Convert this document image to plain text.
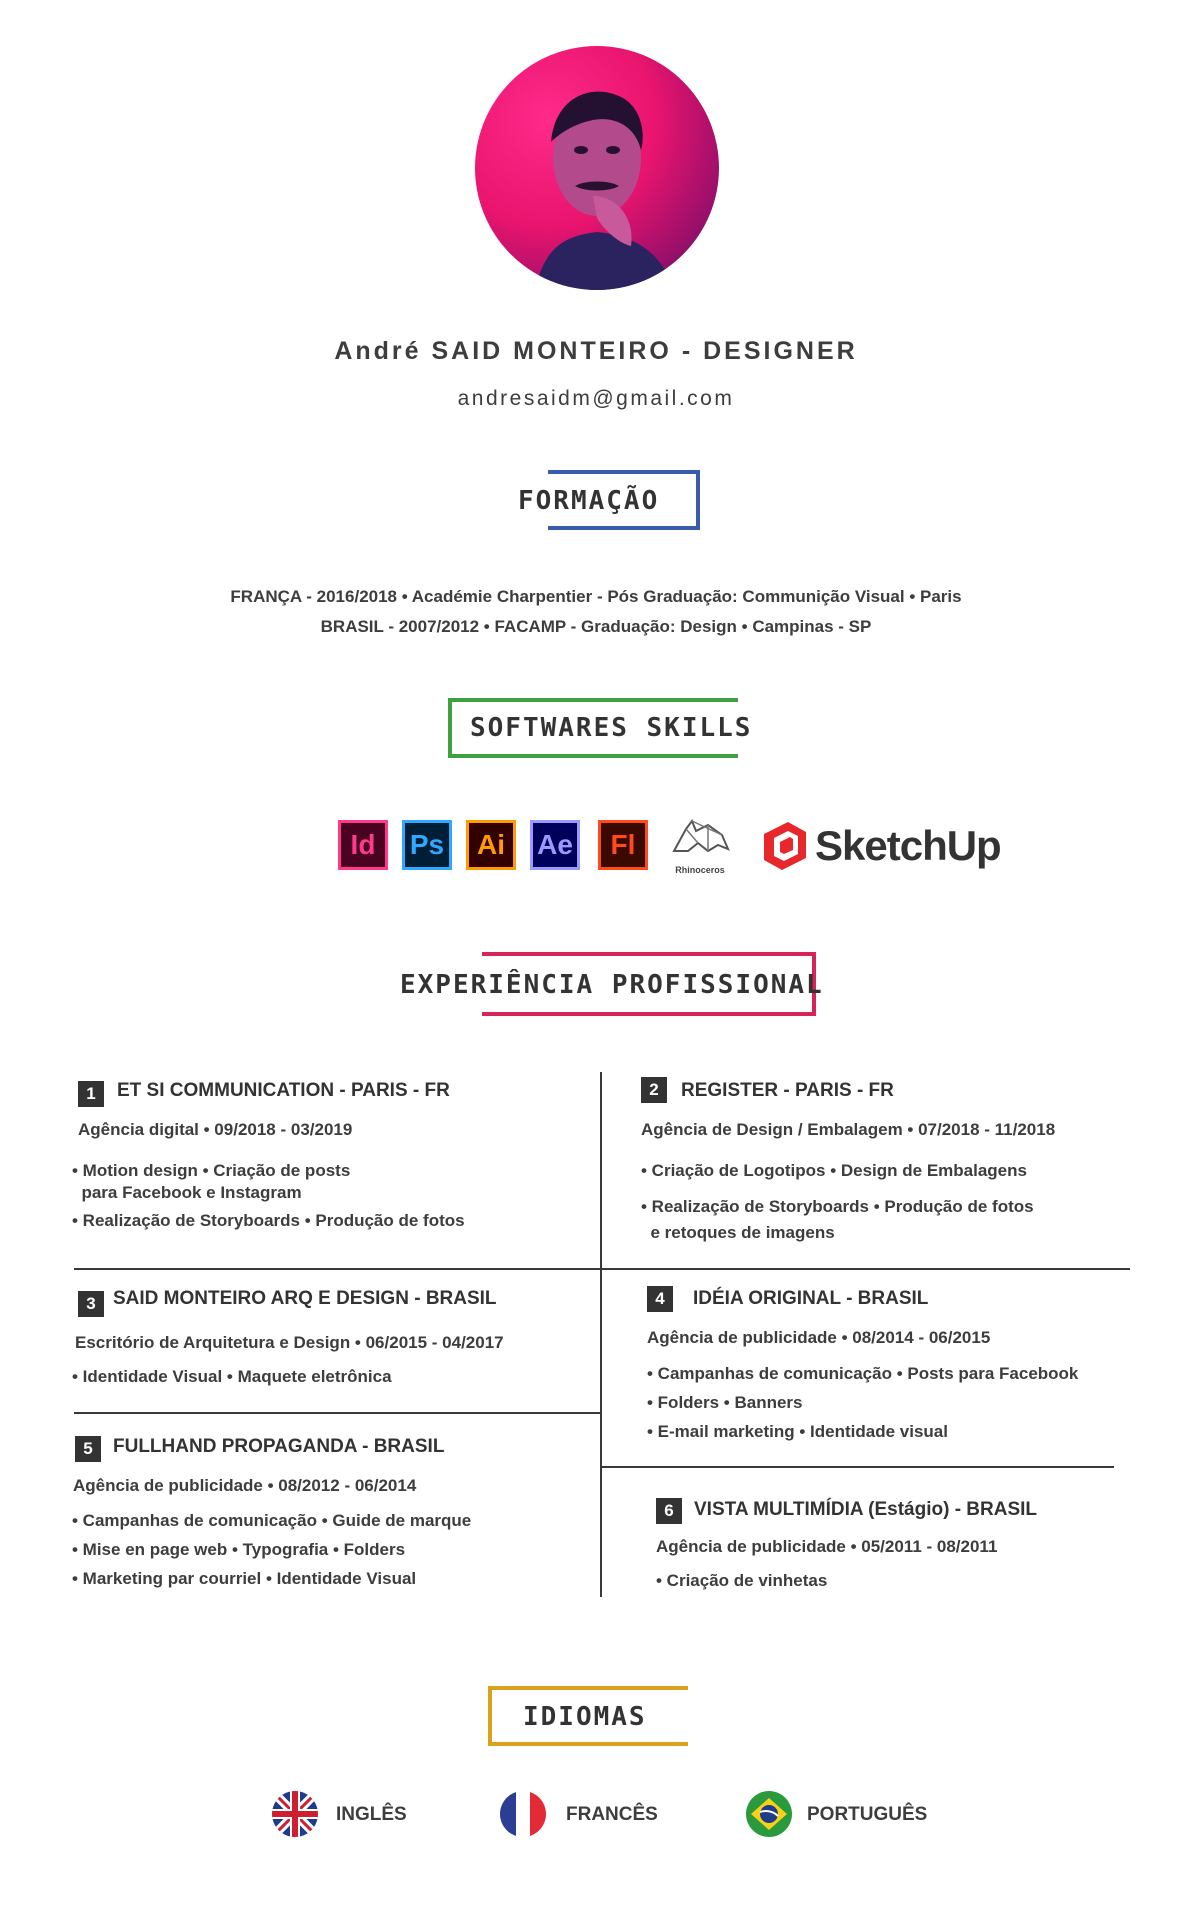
André SAID MONTEIRO - DESIGNER
andresaidm@gmail.com
FORMAÇÃO
FRANÇA - 2016/2018 • Académie Charpentier - Pós Graduação: Communição Visual • Paris
BRASIL - 2007/2012 • FACAMP - Graduação: Design • Campinas - SP
SOFTWARES SKILLS
Id Ps Ai Ae Fl
Rhinoceros
SketchUp
EXPERIÊNCIA PROFISSIONAL
1	ET SI COMMUNICATION - PARIS - FR
Agência digital • 09/2018 - 03/2019
• Motion design • Criação de posts
para Facebook e Instagram
• Realização de Storyboards • Produção de fotos
2	REGISTER - PARIS - FR
Agência de Design / Embalagem • 07/2018 - 11/2018
• Criação de Logotipos • Design de Embalagens
• Realização de Storyboards • Produção de fotos
e retoques de imagens
3 SAID MONTEIRO ARQ E DESIGN - BRASIL
Escritório de Arquitetura e Design • 06/2015 - 04/2017
• Identidade Visual • Maquete eletrônica
4	IDÉIA ORIGINAL - BRASIL
Agência de publicidade • 08/2014 - 06/2015
• Campanhas de comunicação • Posts para Facebook
• Folders • Banners
• E-mail marketing • Identidade visual
5	FULLHAND PROPAGANDA - BRASIL
Agência de publicidade • 08/2012 - 06/2014
• Campanhas de comunicação • Guide de marque
• Mise en page web • Typografia • Folders
• Marketing par courriel • Identidade Visual
6	VISTA MULTIMÍDIA (Estágio) - BRASIL
Agência de publicidade • 05/2011 - 08/2011
• Criação de vinhetas
IDIOMAS
INGLÊS	FRANCÊS	PORTUGUÊS
